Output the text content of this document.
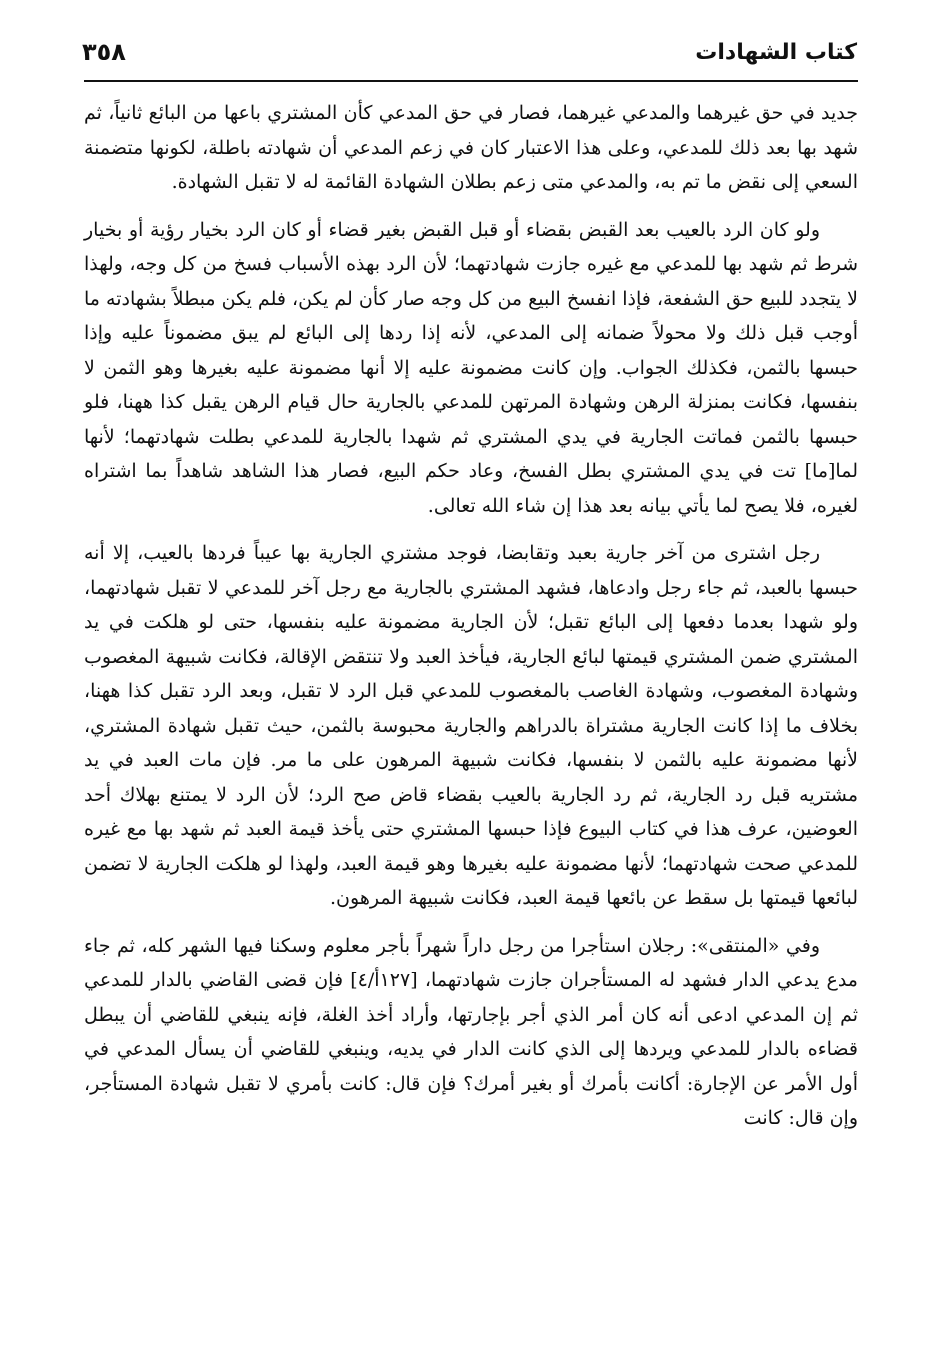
كتاب الشهادات
٣٥٨

جديد في حق غيرهما والمدعي غيرهما، فصار في حق المدعي كأن المشتري باعها من البائع ثانياً، ثم شهد بها بعد ذلك للمدعي، وعلى هذا الاعتبار كان في زعم المدعي أن شهادته باطلة، لكونها متضمنة السعي إلى نقض ما تم به، والمدعي متى زعم بطلان الشهادة القائمة له لا تقبل الشهادة.

ولو كان الرد بالعيب بعد القبض بقضاء أو قبل القبض بغير قضاء أو كان الرد بخيار رؤية أو بخيار شرط ثم شهد بها للمدعي مع غيره جازت شهادتهما؛ لأن الرد بهذه الأسباب فسخ من كل وجه، ولهذا لا يتجدد للبيع حق الشفعة، فإذا انفسخ البيع من كل وجه صار كأن لم يكن، فلم يكن مبطلاً بشهادته ما أوجب قبل ذلك ولا محولاً ضمانه إلى المدعي، لأنه إذا ردها إلى البائع لم يبق مضموناً عليه وإذا حبسها بالثمن، فكذلك الجواب. وإن كانت مضمونة عليه إلا أنها مضمونة عليه بغيرها وهو الثمن لا بنفسها، فكانت بمنزلة الرهن وشهادة المرتهن للمدعي بالجارية حال قيام الرهن يقبل كذا ههنا، فلو حبسها بالثمن فماتت الجارية في يدي المشتري ثم شهدا بالجارية للمدعي بطلت شهادتهما؛ لأنها لما[ما] تت في يدي المشتري بطل الفسخ، وعاد حكم البيع، فصار هذا الشاهد شاهداً بما اشتراه لغيره، فلا يصح لما يأتي بيانه بعد هذا إن شاء الله تعالى.

رجل اشترى من آخر جارية بعبد وتقابضا، فوجد مشتري الجارية بها عيباً فردها بالعيب، إلا أنه حبسها بالعبد، ثم جاء رجل وادعاها، فشهد المشتري بالجارية مع رجل آخر للمدعي لا تقبل شهادتهما، ولو شهدا بعدما دفعها إلى البائع تقبل؛ لأن الجارية مضمونة عليه بنفسها، حتى لو هلكت في يد المشتري ضمن المشتري قيمتها لبائع الجارية، فيأخذ العبد ولا تنتقض الإقالة، فكانت شبيهة المغصوب وشهادة المغصوب، وشهادة الغاصب بالمغصوب للمدعي قبل الرد لا تقبل، وبعد الرد تقبل كذا ههنا، بخلاف ما إذا كانت الجارية مشتراة بالدراهم والجارية محبوسة بالثمن، حيث تقبل شهادة المشتري، لأنها مضمونة عليه بالثمن لا بنفسها، فكانت شبيهة المرهون على ما مر. فإن مات العبد في يد مشتريه قبل رد الجارية، ثم رد الجارية بالعيب بقضاء قاض صح الرد؛ لأن الرد لا يمتنع بهلاك أحد العوضين، عرف هذا في كتاب البيوع فإذا حبسها المشتري حتى يأخذ قيمة العبد ثم شهد بها مع غيره للمدعي صحت شهادتهما؛ لأنها مضمونة عليه بغيرها وهو قيمة العبد، ولهذا لو هلكت الجارية لا تضمن لبائعها قيمتها بل سقط عن بائعها قيمة العبد، فكانت شبيهة المرهون.

وفي «المنتقى»: رجلان استأجرا من رجل داراً شهراً بأجر معلوم وسكنا فيها الشهر كله، ثم جاء مدع يدعي الدار فشهد له المستأجران جازت شهادتهما، [١٢٧أ/٤] فإن قضى القاضي بالدار للمدعي ثم إن المدعي ادعى أنه كان أمر الذي أجر بإجارتها، وأراد أخذ الغلة، فإنه ينبغي للقاضي أن يبطل قضاءه بالدار للمدعي ويردها إلى الذي كانت الدار في يديه، وينبغي للقاضي أن يسأل المدعي في أول الأمر عن الإجارة: أكانت بأمرك أو بغير أمرك؟ فإن قال: كانت بأمري لا تقبل شهادة المستأجر، وإن قال: كانت
